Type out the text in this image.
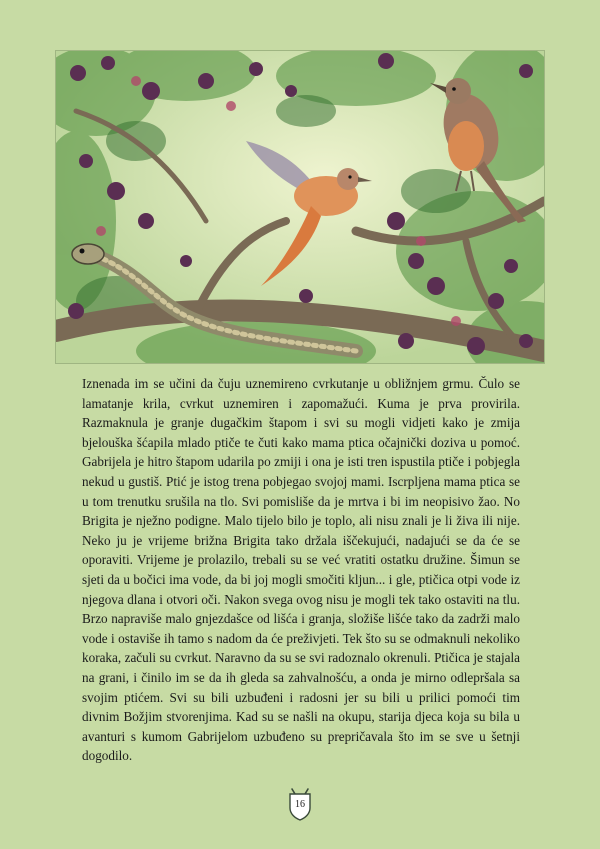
Iznenada im se učini da čuju uznemireno cvrkutanje u obližnjem grmu. Čulo se lamatanje krila, cvrkut uznemiren i zapomažući. Kuma je prva provirila. Razmaknula je granje dugačkim štapom i svi su mogli vidjeti kako je zmija bjelouška šćapila mlado ptiče te čuti kako mama ptica očajnički doziva u pomoć. Gabrijela je hitro štapom udarila po zmiji i ona je isti tren ispustila ptiče i pobjegla nekud u gustiš. Ptić je istog trena pobjegao svojoj mami. Iscrpljena mama ptica se u tom trenutku srušila na tlo. Svi pomisliše da je mrtva i bi im neopisivo žao. No Brigita je nježno podigne. Malo tijelo bilo je toplo, ali nisu znali je li živa ili nije. Neko ju je vrijeme brižna Brigita tako držala iščekujući, nadajući se da će se oporaviti. Vrijeme je prolazilo, trebali su se već vratiti ostatku družine. Šimun se sjeti da u bočici ima vode, da bi joj mogli smočiti kljun... i gle, ptičica otpi vode iz njegova dlana i otvori oči. Nakon svega ovog nisu je mogli tek tako ostaviti na tlu. Brzo napraviše malo gnjezdašce od lišća i granja, složiše lišće tako da zadrži malo vode i ostaviše ih tamo s nadom da će preživjeti. Tek što su se odmaknuli nekoliko koraka, začuli su cvrkut. Naravno da su se svi radoznalo okrenuli. Ptičica je stajala na grani, i činilo im se da ih gleda sa zahvalnošću, a onda je mirno odlepršala sa svojim ptićem. Svi su bili uzbuđeni i radosni jer su bili u prilici pomoći tim divnim Božjim stvorenjima. Kad su se našli na okupu, starija djeca koja su bila u avanturi s kumom Gabrijelom uzbuđeno su prepričavala što im se sve u šetnji dogodilo.

16
